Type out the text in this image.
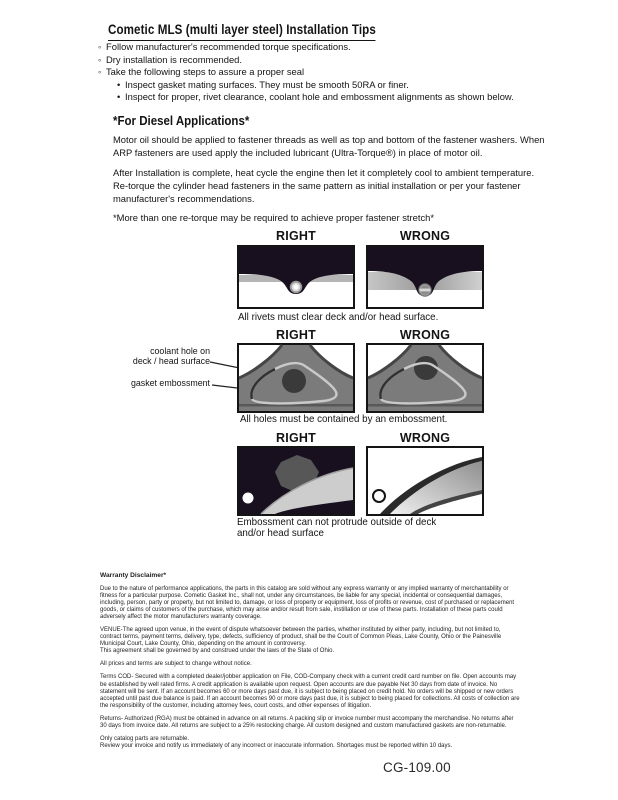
Cometic MLS (multi layer steel) Installation Tips
◦ Follow manufacturer's recommended torque specifications.
◦ Dry installation is recommended.
◦ Take the following steps to assure a proper seal
• Inspect gasket mating surfaces. They must be smooth 50RA or finer.
• Inspect for proper, rivet clearance, coolant hole and embossment alignments as shown below.
*For Diesel Applications*

Motor oil should be applied to fastener threads as well as top and bottom of the fastener washers. When ARP fasteners are used apply the included lubricant (Ultra-Torque®) in place of motor oil.

After Installation is complete, heat cycle the engine then let it completely cool to ambient temperature. Re-torque the cylinder head fasteners in the same pattern as initial installation or per your fastener manufacturer's recommendations.

*More than one re-torque may be required to achieve proper fastener stretch*

RIGHT	WRONG
All rivets must clear deck and/or head surface.
RIGHT	WRONG
coolant hole on
deck / head surface
gasket embossment
All holes must be contained by an embossment.
RIGHT	WRONG
Embossment can not protrude outside of deck
and/or head surface
Warranty Disclaimer*

Due to the nature of performance applications, the parts in this catalog are sold without any express warranty or any implied warranty of merchantability or fitness for a particular purpose. Cometic Gasket Inc., shall not, under any circumstances, be liable for any special, incidental or consequential damages, including, person, party or property, but not limited to, damage, or loss of property or equipment, loss of profits or revenue, cost of purchased or replacement goods, or claims of customers of the purchase, which may arise and/or result from sale, instillation or use of these parts. Installation of these parts could adversely affect the motor manufacturers warranty coverage.

VENUE-The agreed upon venue, in the event of dispute whatsoever between the parties, whether instituted by either party, including, but not limited to, contract terms, payment terms, delivery, type, defects, sufficiency of product, shall be the Court of Common Pleas, Lake County, Ohio or the Painesville Municipal Court, Lake County, Ohio, depending on the amount in controversy.

This agreement shall be governed by and construed under the laws of the State of Ohio.

All prices and terms are subject to change without notice.

Terms COD- Secured with a completed dealer/jobber application on File, COD-Company check with a current credit card number on file. Open accounts may be established by well rated firms. A credit application is available upon request. Open accounts are due payable Net 30 days from date of invoice. No statement will be sent. If an account becomes 60 or more days past due, it is subject to being placed on credit hold. No orders will be shipped or new orders accepted until past due balance is paid. If an account becomes 90 or more days past due, it is subject to being placed for collections. All costs of collection are the responsibility of the customer, including attorney fees, court costs, and other expenses of litigation.

Returns- Authorized (RGA) must be obtained in advance on all returns. A packing slip or invoice number must accompany the merchandise. No returns after 30 days from invoice date. All returns are subject to a 25% restocking charge. All custom designed and custom manufactured gaskets are non-returnable.

Only catalog parts are returnable.

Review your invoice and notify us immediately of any incorrect or inaccurate information. Shortages must be reported within 10 days.

CG-109.00
